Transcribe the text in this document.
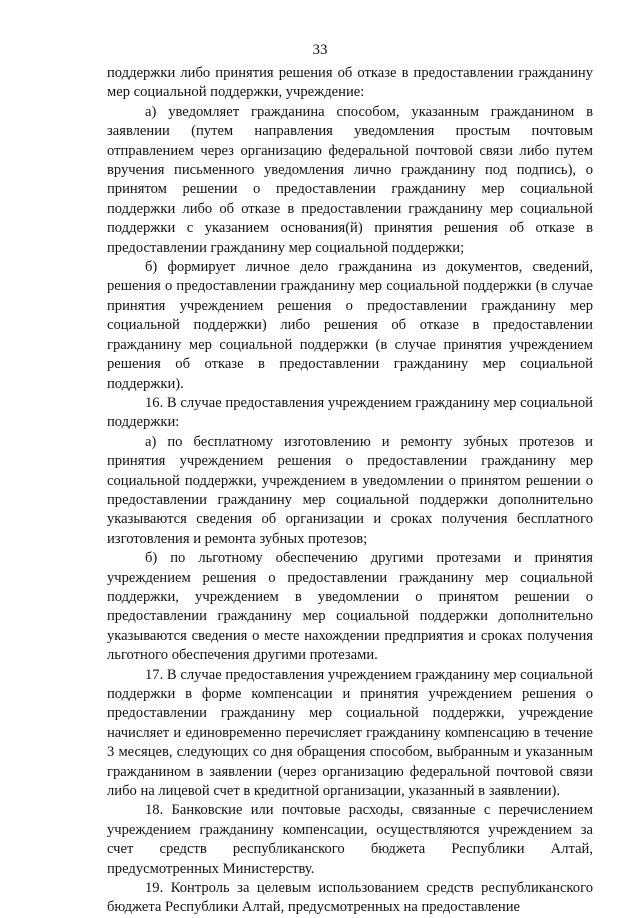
33

поддержки либо принятия решения об отказе в предоставлении гражданину мер социальной поддержки, учреждение:

а) уведомляет гражданина способом, указанным гражданином в заявлении (путем направления уведомления простым почтовым отправлением через организацию федеральной почтовой связи либо путем вручения письменного уведомления лично гражданину под подпись), о принятом решении о предоставлении гражданину мер социальной поддержки либо об отказе в предоставлении гражданину мер социальной поддержки с указанием основания(й) принятия решения об отказе в предоставлении гражданину мер социальной поддержки;

б) формирует личное дело гражданина из документов, сведений, решения о предоставлении гражданину мер социальной поддержки (в случае принятия учреждением решения о предоставлении гражданину мер социальной поддержки) либо решения об отказе в предоставлении гражданину мер социальной поддержки (в случае принятия учреждением решения об отказе в предоставлении гражданину мер социальной поддержки).

16. В случае предоставления учреждением гражданину мер социальной поддержки:

а) по бесплатному изготовлению и ремонту зубных протезов и принятия учреждением решения о предоставлении гражданину мер социальной поддержки, учреждением в уведомлении о принятом решении о предоставлении гражданину мер социальной поддержки дополнительно указываются сведения об организации и сроках получения бесплатного изготовления и ремонта зубных протезов;

б) по льготному обеспечению другими протезами и принятия учреждением решения о предоставлении гражданину мер социальной поддержки, учреждением в уведомлении о принятом решении о предоставлении гражданину мер социальной поддержки дополнительно указываются сведения о месте нахождении предприятия и сроках получения льготного обеспечения другими протезами.

17. В случае предоставления учреждением гражданину мер социальной поддержки в форме компенсации и принятия учреждением решения о предоставлении гражданину мер социальной поддержки, учреждение начисляет и единовременно перечисляет гражданину компенсацию в течение 3 месяцев, следующих со дня обращения способом, выбранным и указанным гражданином в заявлении (через организацию федеральной почтовой связи либо на лицевой счет в кредитной организации, указанный в заявлении).

18. Банковские или почтовые расходы, связанные с перечислением учреждением гражданину компенсации, осуществляются учреждением за счет средств республиканского бюджета Республики Алтай, предусмотренных Министерству.

19. Контроль за целевым использованием средств республиканского бюджета Республики Алтай, предусмотренных на предоставление
